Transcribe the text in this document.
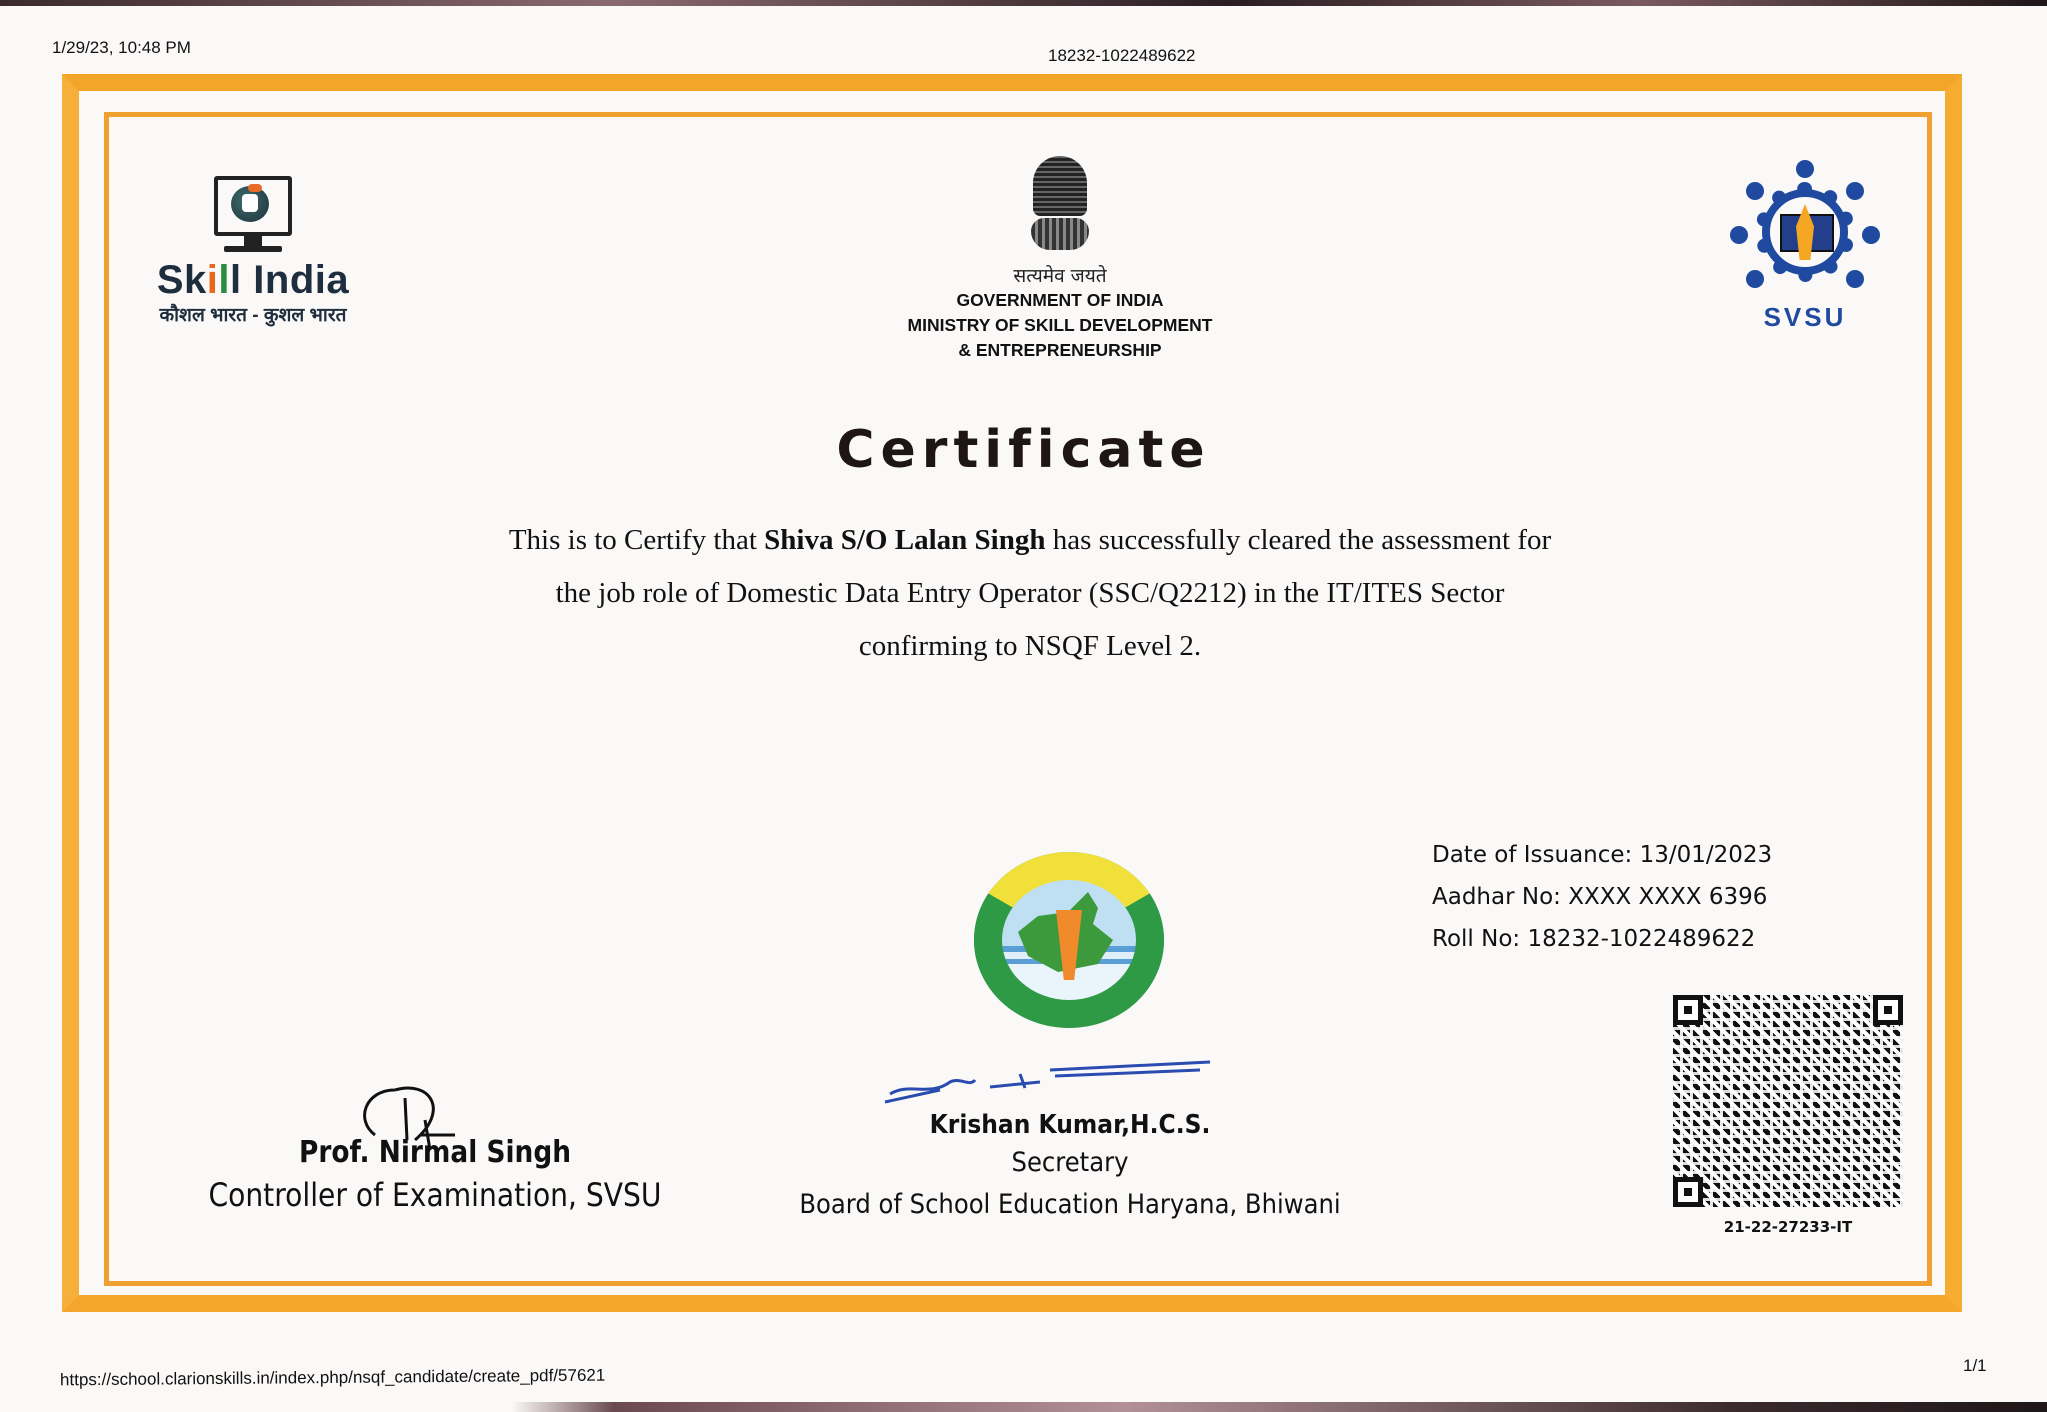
1/29/23, 10:48 PM	18232-1022489622
Skill India
कौशल भारत - कुशल भारत
सत्यमेव जयते
GOVERNMENT OF INDIA
MINISTRY OF SKILL DEVELOPMENT
& ENTREPRENEURSHIP
SVSU
Certificate
This is to Certify that Shiva S/O Lalan Singh has successfully cleared the assessment for
the job role of Domestic Data Entry Operator (SSC/Q2212) in the IT/ITES Sector
confirming to NSQF Level 2.
Date of Issuance: 13/01/2023
Aadhar No: XXXX XXXX 6396
Roll No: 18232-1022489622
21-22-27233-IT
Prof. Nirmal Singh
Controller of Examination, SVSU
Krishan Kumar,H.C.S.
Secretary
Board of School Education Haryana, Bhiwani
https://school.clarionskills.in/index.php/nsqf_candidate/create_pdf/57621
1/1
